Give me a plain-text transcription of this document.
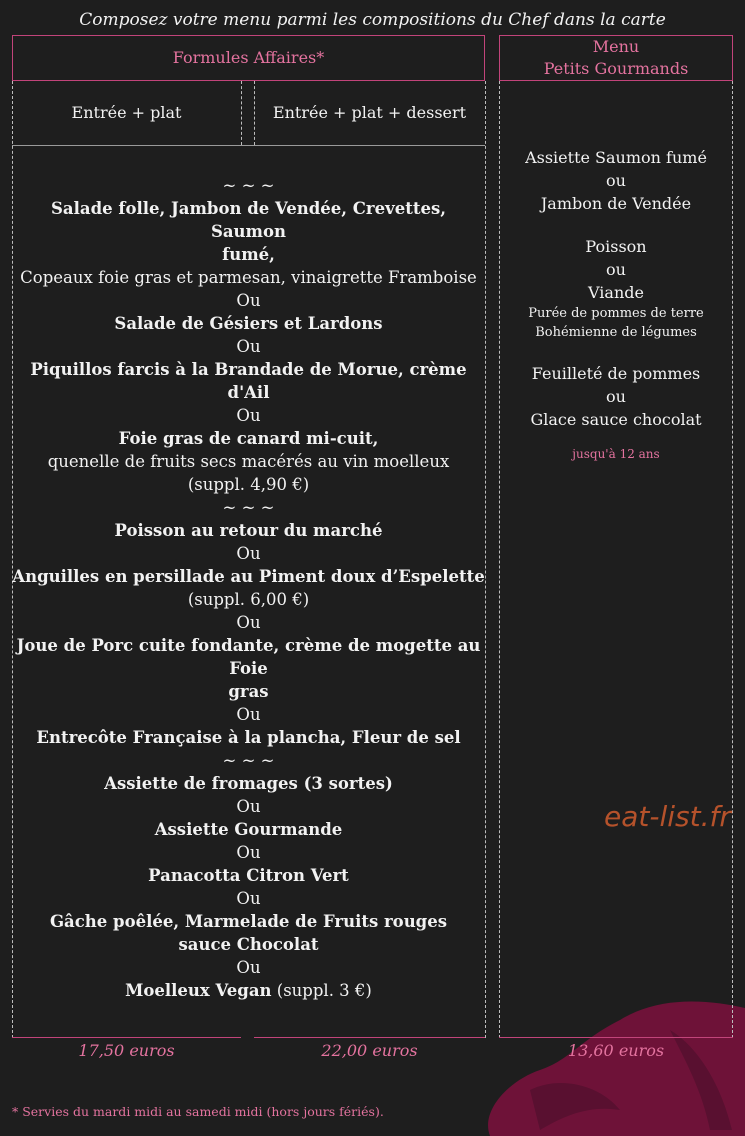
Composez votre menu parmi les compositions du Chef dans la carte
Formules Affaires*
Menu
Petits Gourmands
Entrée + plat	Entrée + plat + dessert
~ ~ ~
Salade folle, Jambon de Vendée, Crevettes, Saumon
fumé,
Copeaux foie gras et parmesan, vinaigrette Framboise
Ou
Salade de Gésiers et Lardons
Ou
Piquillos farcis à la Brandade de Morue, crème d'Ail
Ou
Foie gras de canard mi-cuit,
quenelle de fruits secs macérés au vin moelleux
(suppl. 4,90 €)
~ ~ ~
Poisson au retour du marché
Ou
Anguilles en persillade au Piment doux d’Espelette
(suppl. 6,00 €)
Ou
Joue de Porc cuite fondante, crème de mogette au Foie
gras
Ou
Entrecôte Française à la plancha, Fleur de sel
~ ~ ~
Assiette de fromages (3 sortes)
Ou
Assiette Gourmande
Ou
Panacotta Citron Vert
Ou
Gâche poêlée, Marmelade de Fruits rouges
sauce Chocolat
Ou
Moelleux Vegan (suppl. 3 €)
Assiette Saumon fumé
ou
Jambon de Vendée
Poisson
ou
Viande
Purée de pommes de terre
Bohémienne de légumes
Feuilleté de pommes
ou
Glace sauce chocolat
jusqu'à 12 ans
eat-list.fr
17,50 euros	22,00 euros	13,60 euros
* Servies du mardi midi au samedi midi (hors jours fériés).
